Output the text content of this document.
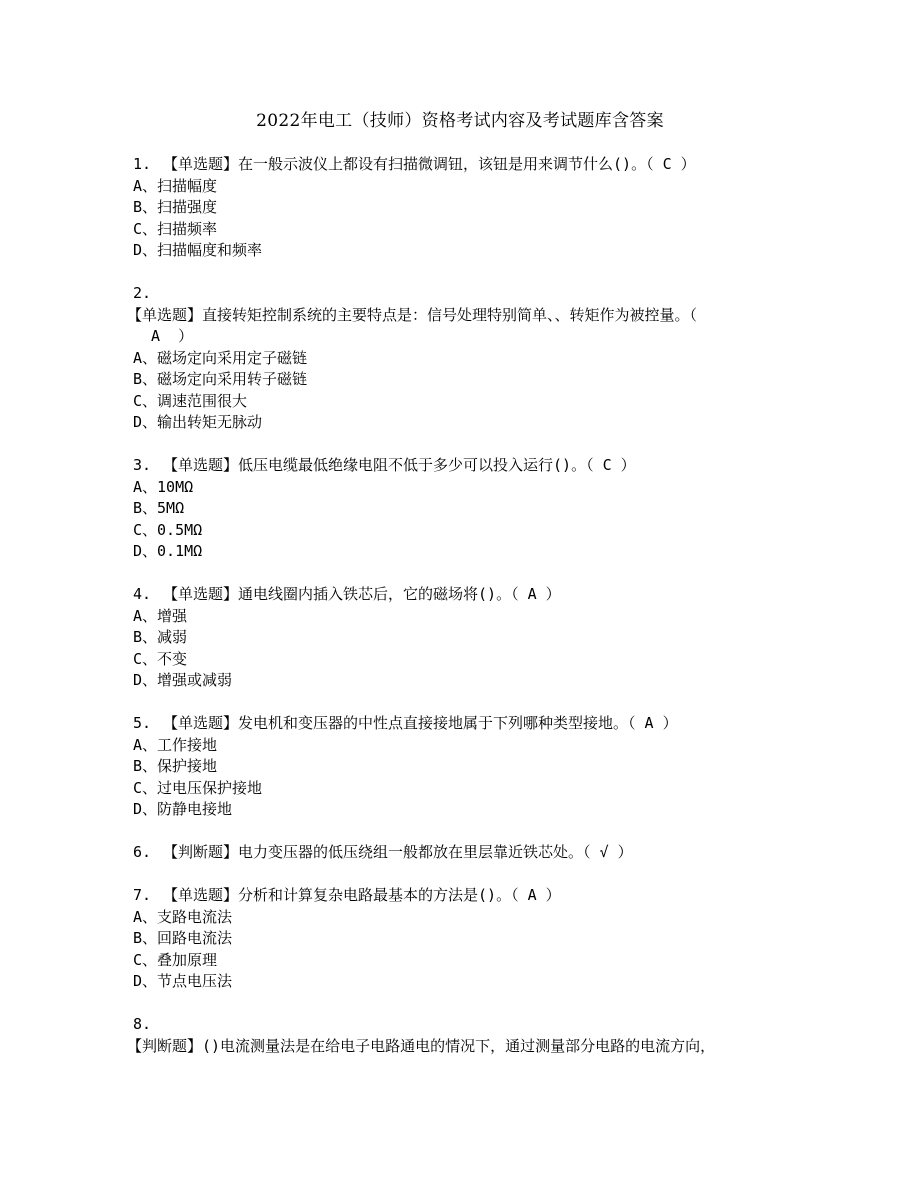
2022年电工（技师）资格考试内容及考试题库含答案
1. 【单选题】在一般示波仪上都设有扫描微调钮，该钮是用来调节什么()。（ C ）
A、扫描幅度
B、扫描强度
C、扫描频率
D、扫描幅度和频率
2.
【单选题】直接转矩控制系统的主要特点是：信号处理特别简单、、转矩作为被控量。（
A  ）
A、磁场定向采用定子磁链
B、磁场定向采用转子磁链
C、调速范围很大
D、输出转矩无脉动
3. 【单选题】低压电缆最低绝缘电阻不低于多少可以投入运行()。（ C ）
A、10MΩ
B、5MΩ
C、0.5MΩ
D、0.1MΩ
4. 【单选题】通电线圈内插入铁芯后，它的磁场将()。（ A ）
A、增强
B、减弱
C、不变
D、增强或减弱
5. 【单选题】发电机和变压器的中性点直接接地属于下列哪种类型接地。（ A ）
A、工作接地
B、保护接地
C、过电压保护接地
D、防静电接地
6. 【判断题】电力变压器的低压绕组一般都放在里层靠近铁芯处。（ √ ）
7. 【单选题】分析和计算复杂电路最基本的方法是()。（ A ）
A、支路电流法
B、回路电流法
C、叠加原理
D、节点电压法
8.
【判断题】()电流测量法是在给电子电路通电的情况下，通过测量部分电路的电流方向，
